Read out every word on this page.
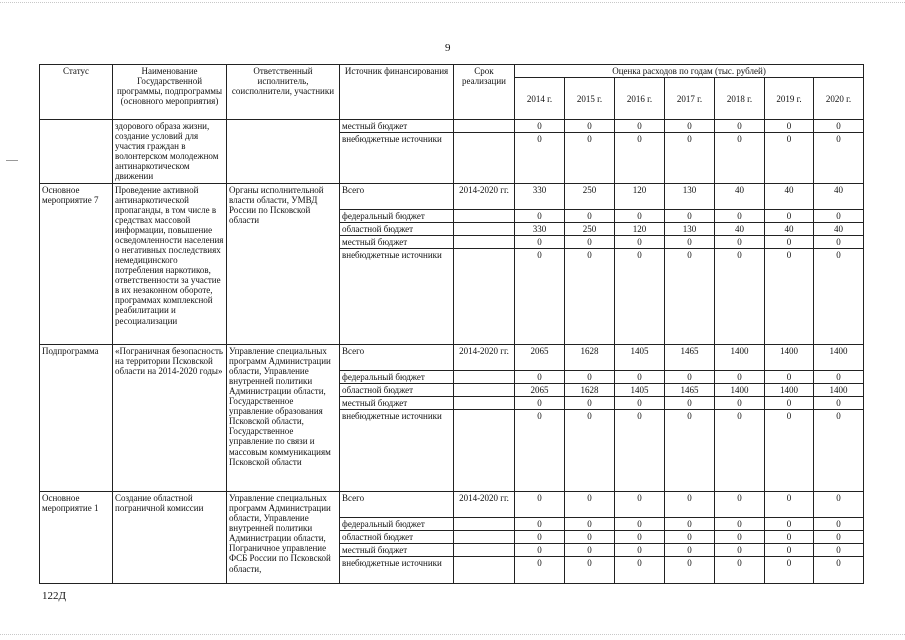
9
Статус	Наименование Государственной программы, подпрограммы (основного мероприятия)	Ответственный исполнитель, соисполнители, участники	Источник финансирования	Срок реализации	Оценка расходов по годам (тыс. рублей)						
					2014 г.	2015 г.	2016 г.	2017 г.	2018 г.	2019 г.	2020 г.
	здорового образа жизни, создание условий для участия граждан в волонтерском молодежном антинаркотическом движении		местный бюджет		0	0	0	0	0	0	0
			внебюджетные источники		0	0	0	0	0	0	0
Основное мероприятие 7	Проведение активной антинаркотической пропаганды, в том числе в средствах массовой информации, повышение осведомленности населения о негативных последствиях немедицинского потребления наркотиков, ответственности за участие в их незаконном обороте, программах комплексной реабилитации и ресоциализации	Органы исполнительной власти области, УМВД России по Псковской области	Всего	2014-2020 гг.	330	250	120	130	40	40	40
			федеральный бюджет		0	0	0	0	0	0	0
			областной бюджет		330	250	120	130	40	40	40
			местный бюджет		0	0	0	0	0	0	0
			внебюджетные источники		0	0	0	0	0	0	0
Подпрограмма	«Пограничная безопасность на территории Псковской области на 2014-2020 годы»	Управление специальных программ Администрации области, Управление внутренней политики Администрации области, Государственное управление образования Псковской области, Государственное управление по связи и массовым коммуникациям Псковской области	Всего	2014-2020 гг.	2065	1628	1405	1465	1400	1400	1400
			федеральный бюджет		0	0	0	0	0	0	0
			областной бюджет		2065	1628	1405	1465	1400	1400	1400
			местный бюджет		0	0	0	0	0	0	0
			внебюджетные источники		0	0	0	0	0	0	0
Основное мероприятие 1	Создание областной пограничной комиссии	Управление специальных программ Администрации области, Управление внутренней политики Администрации области, Пограничное управление ФСБ России по Псковской области,	Всего	2014-2020 гг.	0	0	0	0	0	0	0
			федеральный бюджет		0	0	0	0	0	0	0
			областной бюджет		0	0	0	0	0	0	0
			местный бюджет		0	0	0	0	0	0	0
			внебюджетные источники		0	0	0	0	0	0	0
122Д
